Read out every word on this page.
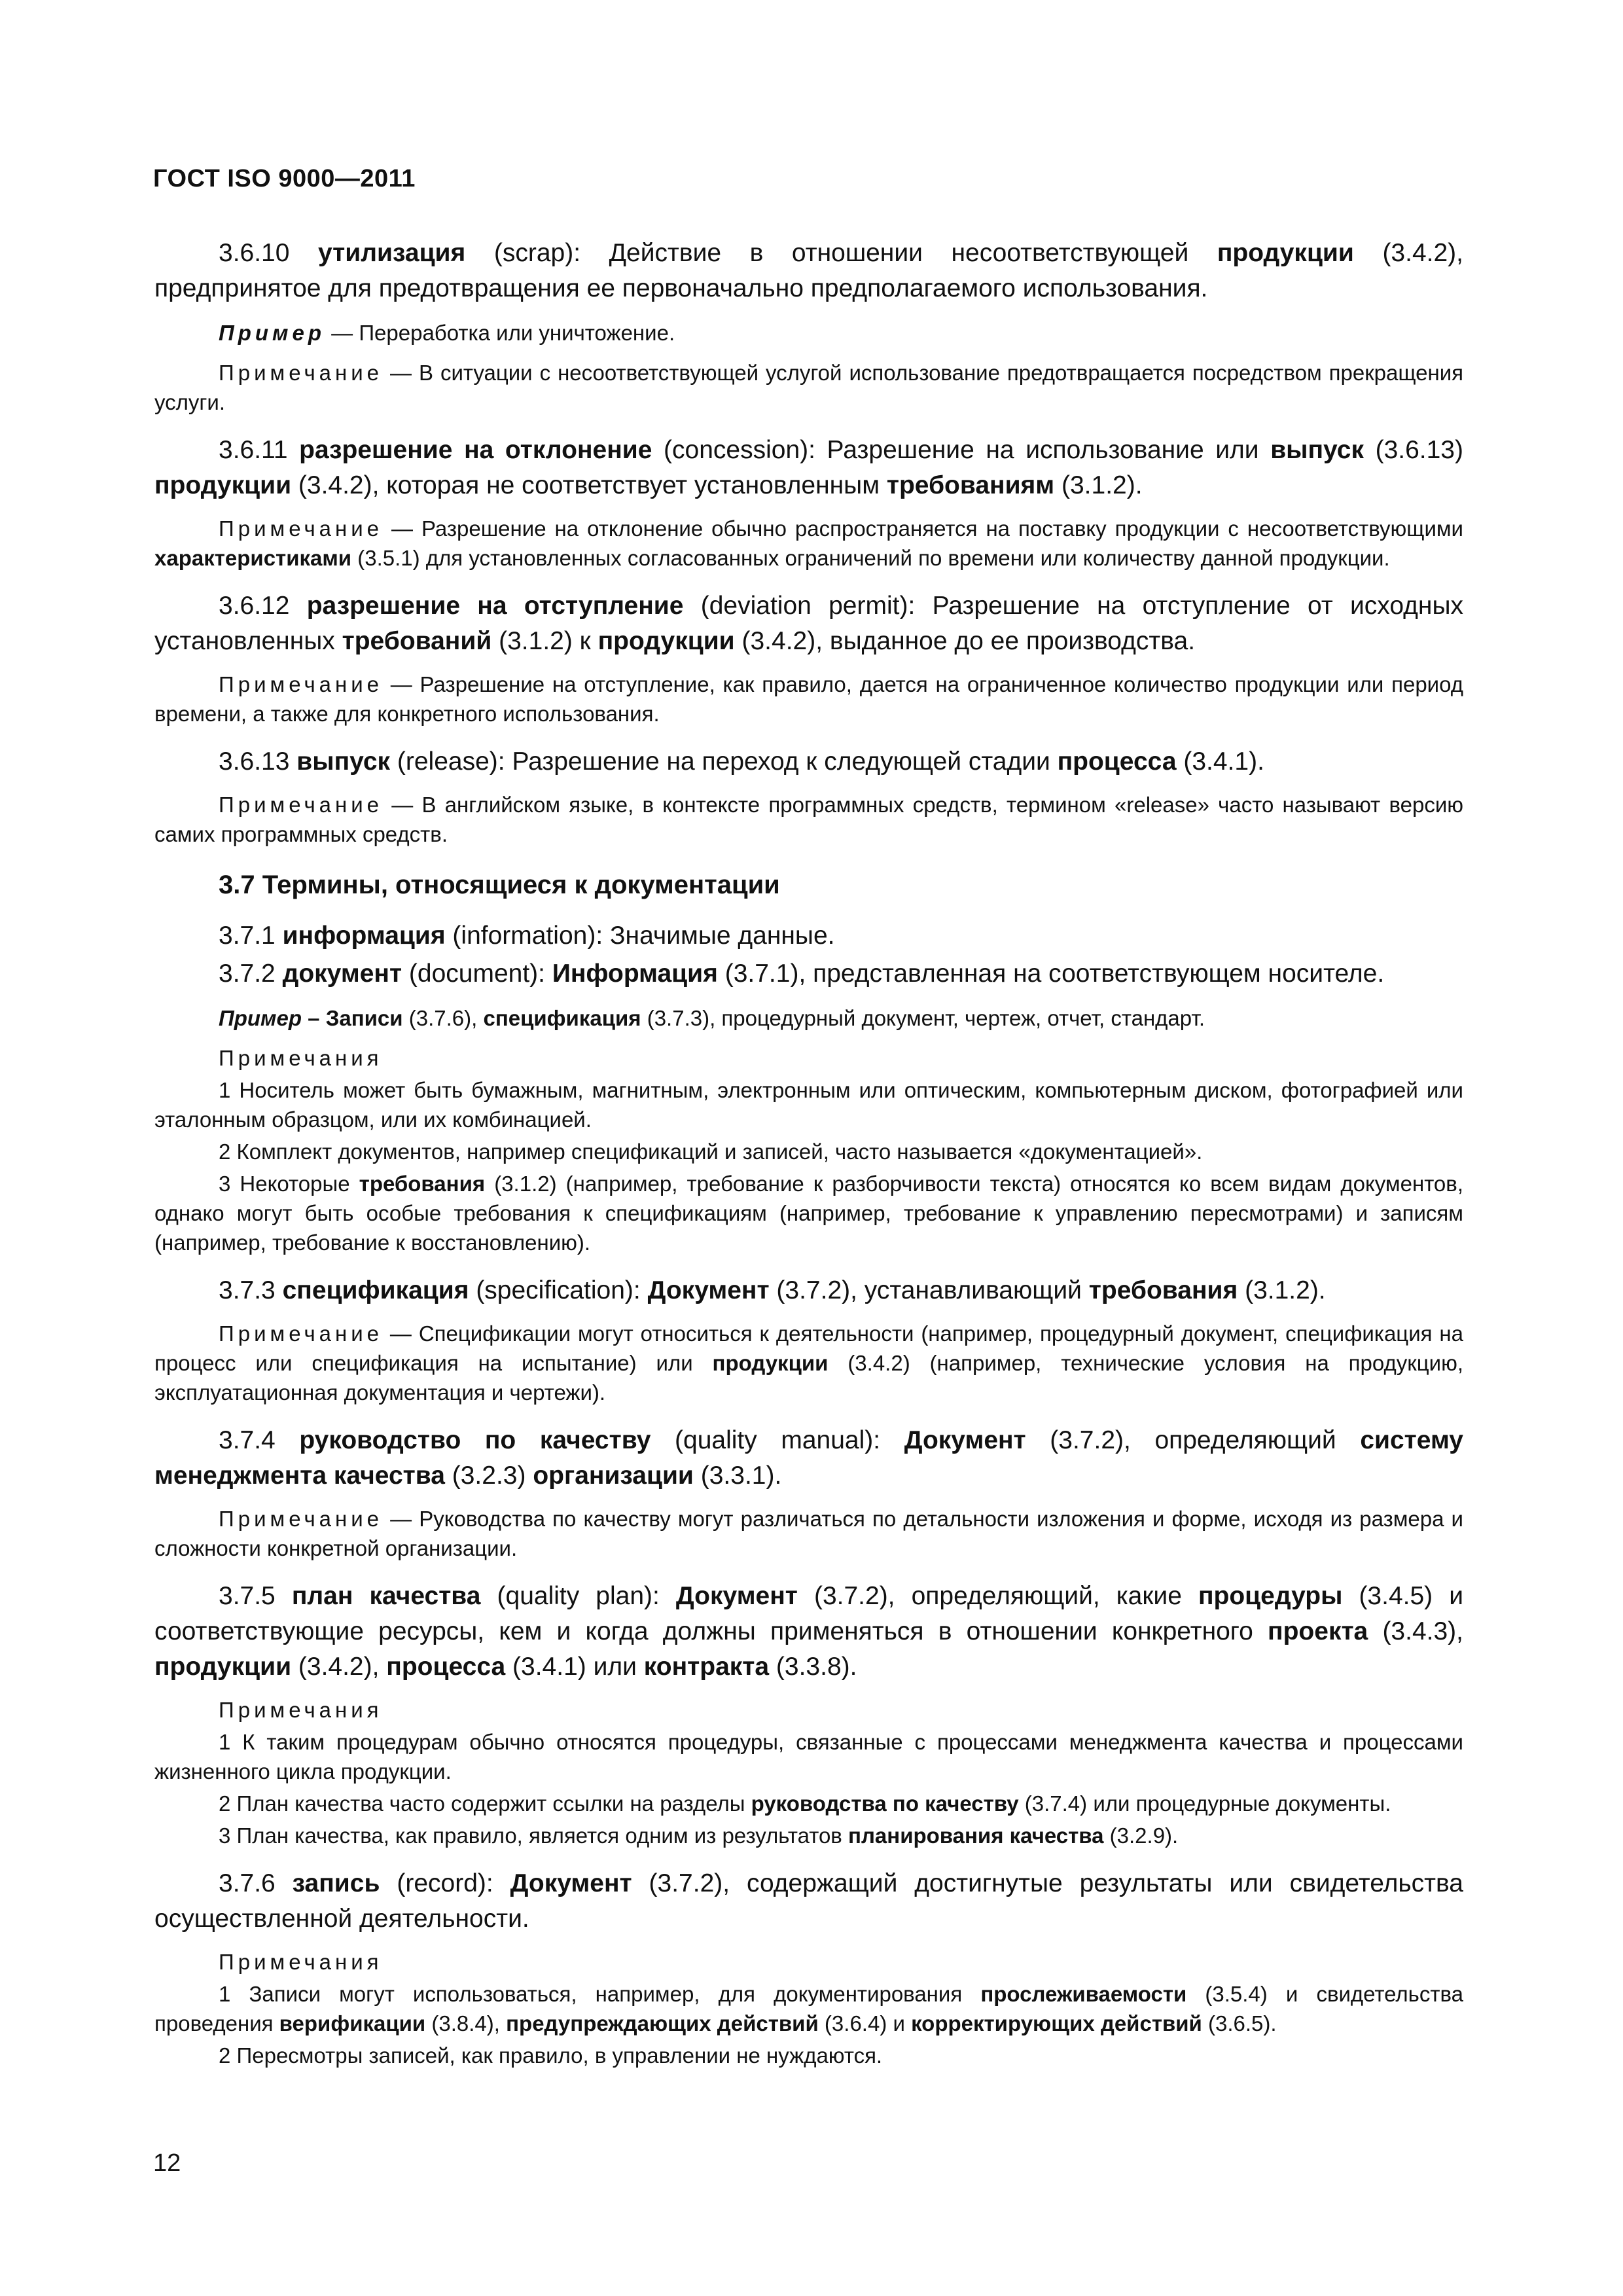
ГОСТ ISO 9000—2011

3.6.10 утилизация (scrap): Действие в отношении несоответствующей продукции (3.4.2), предпринятое для предотвращения ее первоначально предполагаемого использования.

Пример — Переработка или уничтожение.

Примечание — В ситуации с несоответствующей услугой использование предотвращается посредством прекращения услуги.

3.6.11 разрешение на отклонение (concession): Разрешение на использование или выпуск (3.6.13) продукции (3.4.2), которая не соответствует установленным требованиям (3.1.2).

Примечание — Разрешение на отклонение обычно распространяется на поставку продукции с несоответствующими характеристиками (3.5.1) для установленных согласованных ограничений по времени или количеству данной продукции.

3.6.12 разрешение на отступление (deviation permit): Разрешение на отступление от исходных установленных требований (3.1.2) к продукции (3.4.2), выданное до ее производства.

Примечание — Разрешение на отступление, как правило, дается на ограниченное количество продукции или период времени, а также для конкретного использования.

3.6.13 выпуск (release): Разрешение на переход к следующей стадии процесса (3.4.1).

Примечание — В английском языке, в контексте программных средств, термином «release» часто называют версию самих программных средств.

3.7 Термины, относящиеся к документации

3.7.1 информация (information): Значимые данные.

3.7.2 документ (document): Информация (3.7.1), представленная на соответствующем носителе.

Пример – Записи (3.7.6), спецификация (3.7.3), процедурный документ, чертеж, отчет, стандарт.

Примечания

1 Носитель может быть бумажным, магнитным, электронным или оптическим, компьютерным диском, фотографией или эталонным образцом, или их комбинацией.

2 Комплект документов, например спецификаций и записей, часто называется «документацией».

3 Некоторые требования (3.1.2) (например, требование к разборчивости текста) относятся ко всем видам документов, однако могут быть особые требования к спецификациям (например, требование к управлению пересмотрами) и записям (например, требование к восстановлению).

3.7.3 спецификация (specification): Документ (3.7.2), устанавливающий требования (3.1.2).

Примечание — Спецификации могут относиться к деятельности (например, процедурный документ, спецификация на процесс или спецификация на испытание) или продукции (3.4.2) (например, технические условия на продукцию, эксплуатационная документация и чертежи).

3.7.4 руководство по качеству (quality manual): Документ (3.7.2), определяющий систему менеджмента качества (3.2.3) организации (3.3.1).

Примечание — Руководства по качеству могут различаться по детальности изложения и форме, исходя из размера и сложности конкретной организации.

3.7.5 план качества (quality plan): Документ (3.7.2), определяющий, какие процедуры (3.4.5) и соответствующие ресурсы, кем и когда должны применяться в отношении конкретного проекта (3.4.3), продукции (3.4.2), процесса (3.4.1) или контракта (3.3.8).

Примечания

1 К таким процедурам обычно относятся процедуры, связанные с процессами менеджмента качества и процессами жизненного цикла продукции.

2 План качества часто содержит ссылки на разделы руководства по качеству (3.7.4) или процедурные документы.

3 План качества, как правило, является одним из результатов планирования качества (3.2.9).

3.7.6 запись (record): Документ (3.7.2), содержащий достигнутые результаты или свидетельства осуществленной деятельности.

Примечания

1 Записи могут использоваться, например, для документирования прослеживаемости (3.5.4) и свидетельства проведения верификации (3.8.4), предупреждающих действий (3.6.4) и корректирующих действий (3.6.5).

2 Пересмотры записей, как правило, в управлении не нуждаются.

12
